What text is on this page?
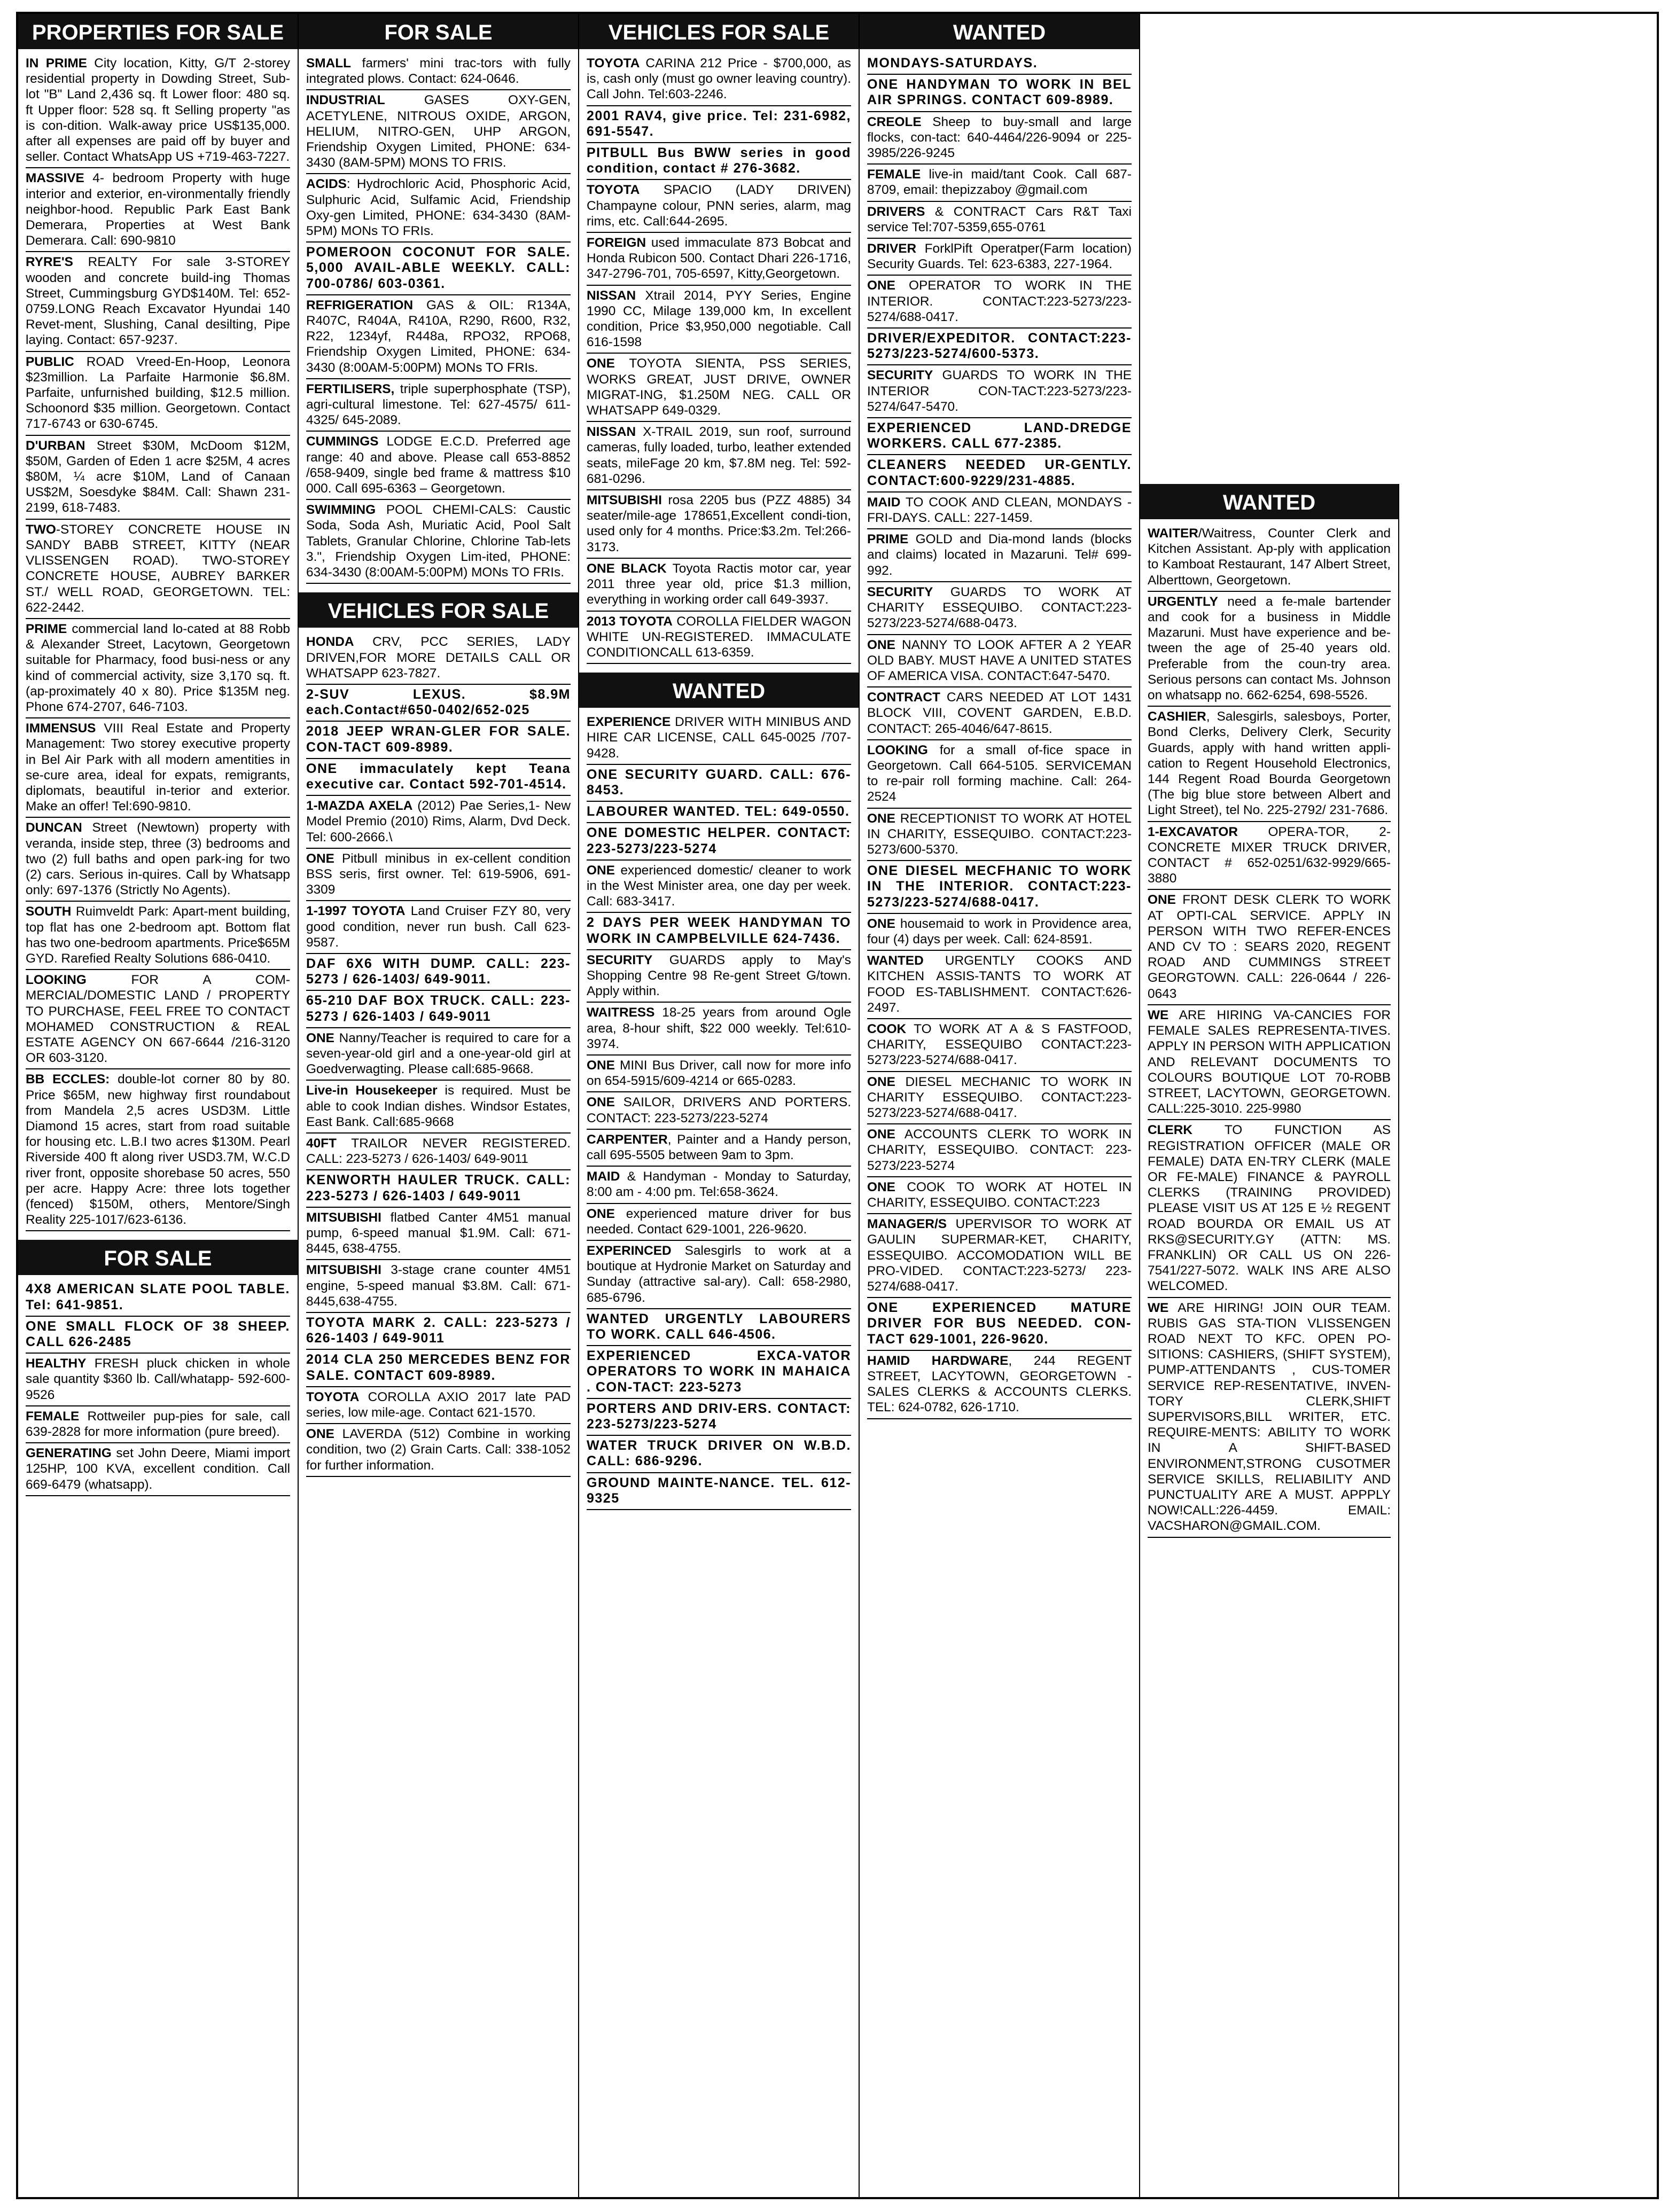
PROPERTIES FOR SALE

IN PRIME City location, Kitty, G/T 2-storey residential property in Dowding Street, Sub-lot "B" Land 2,436 sq. ft Lower floor: 480 sq. ft Upper floor: 528 sq. ft Selling property "as is con-dition. Walk-away price US$135,000. after all expenses are paid off by buyer and seller. Contact WhatsApp US +719-463-7227.

MASSIVE 4- bedroom Property with huge interior and exterior, en-vironmentally friendly neighbor-hood. Republic Park East Bank Demerara, Properties at West Bank Demerara. Call: 690-9810

RYRE'S REALTY For sale 3-STOREY wooden and concrete build-ing Thomas Street, Cummingsburg GYD$140M. Tel: 652-0759.LONG Reach Excavator Hyundai 140 Revet-ment, Slushing, Canal desilting, Pipe laying. Contact: 657-9237.

PUBLIC ROAD Vreed-En-Hoop, Leonora $23million. La Parfaite Harmonie $6.8M. Parfaite, unfurnished building, $12.5 million. Schoonord $35 million. Georgetown. Contact 717-6743 or 630-6745.

D'URBAN Street $30M, McDoom $12M, $50M, Garden of Eden 1 acre $25M, 4 acres $80M, ¼ acre $10M, Land of Canaan US$2M, Soesdyke $84M. Call: Shawn 231-2199, 618-7483.

TWO-STOREY CONCRETE HOUSE IN SANDY BABB STREET, KITTY (NEAR VLISSENGEN ROAD). TWO-STOREY CONCRETE HOUSE, AUBREY BARKER ST./ WELL ROAD, GEORGETOWN. TEL: 622-2442.

PRIME commercial land lo-cated at 88 Robb & Alexander Street, Lacytown, Georgetown suitable for Pharmacy, food busi-ness or any kind of commercial activity, size 3,170 sq. ft. (ap-proximately 40 x 80). Price $135M neg. Phone 674-2707, 646-7103.

IMMENSUS VIII Real Estate and Property Management: Two storey executive property in Bel Air Park with all modern amentities in se-cure area, ideal for expats, remigrants, diplomats, beautiful in-terior and exterior. Make an offer! Tel:690-9810.

DUNCAN Street (Newtown) property with veranda, inside step, three (3) bedrooms and two (2) full baths and open park-ing for two (2) cars. Serious in-quires. Call by Whatsapp only: 697-1376 (Strictly No Agents).

SOUTH Ruimveldt Park: Apart-ment building, top flat has one 2-bedroom apt. Bottom flat has two one-bedroom apartments. Price$65M GYD. Rarefied Realty Solutions 686-0410.

LOOKING FOR A COM-MERCIAL/DOMESTIC LAND / PROPERTY TO PURCHASE, FEEL FREE TO CONTACT MOHAMED CONSTRUCTION & REAL ESTATE AGENCY ON 667-6644 /216-3120 OR 603-3120.

BB ECCLES: double-lot corner 80 by 80. Price $65M, new highway first roundabout from Mandela 2,5 acres USD3M. Little Diamond 15 acres, start from road suitable for housing etc. L.B.I two acres $130M. Pearl Riverside 400 ft along river USD3.7M, W.C.D river front, opposite shorebase 50 acres, 550 per acre. Happy Acre: three lots together (fenced) $150M, others, Mentore/Singh Reality 225-1017/623-6136.

FOR SALE

4X8 AMERICAN SLATE POOL TABLE. Tel: 641-9851.

ONE SMALL FLOCK OF 38 SHEEP. CALL 626-2485

HEALTHY FRESH pluck chicken in whole sale quantity $360 lb. Call/whatapp- 592-600-9526

FEMALE Rottweiler pup-pies for sale, call 639-2828 for more information (pure breed).

GENERATING set John Deere, Miami import 125HP, 100 KVA, excellent condition. Call 669-6479 (whatsapp).

FOR SALE

SMALL farmers' mini trac-tors with fully integrated plows. Contact: 624-0646.

INDUSTRIAL GASES OXY-GEN, ACETYLENE, NITROUS OXIDE, ARGON, HELIUM, NITRO-GEN, UHP ARGON, Friendship Oxygen Limited, PHONE: 634-3430 (8AM-5PM) MONS TO FRIS.

ACIDS: Hydrochloric Acid, Phosphoric Acid, Sulphuric Acid, Sulfamic Acid, Friendship Oxy-gen Limited, PHONE: 634-3430 (8AM-5PM) MONs TO FRIs.

POMEROON COCONUT FOR SALE. 5,000 AVAIL-ABLE WEEKLY. CALL: 700-0786/ 603-0361.

REFRIGERATION GAS & OIL: R134A, R407C, R404A, R410A, R290, R600, R32, R22, 1234yf, R448a, RPO32, RPO68, Friendship Oxygen Limited, PHONE: 634-3430 (8:00AM-5:00PM) MONs TO FRIs.

FERTILISERS, triple superphosphate (TSP), agri-cultural limestone. Tel: 627-4575/ 611-4325/ 645-2089.

CUMMINGS LODGE E.C.D. Preferred age range: 40 and above. Please call 653-8852 /658-9409, single bed frame & mattress $10 000. Call 695-6363 – Georgetown.

SWIMMING POOL CHEMI-CALS: Caustic Soda, Soda Ash, Muriatic Acid, Pool Salt Tablets, Granular Chlorine, Chlorine Tab-lets 3.", Friendship Oxygen Lim-ited, PHONE: 634-3430 (8:00AM-5:00PM) MONs TO FRIs.

VEHICLES FOR SALE

HONDA CRV, PCC SERIES, LADY DRIVEN,FOR MORE DETAILS CALL OR WHATSAPP 623-7827.

2-SUV LEXUS. $8.9M each.Contact#650-0402/652-025

2018 JEEP WRAN-GLER FOR SALE. CON-TACT 609-8989.

ONE immaculately kept Teana executive car. Contact 592-701-4514.

1-MAZDA AXELA (2012) Pae Series,1- New Model Premio (2010) Rims, Alarm, Dvd Deck. Tel: 600-2666.\

ONE Pitbull minibus in ex-cellent condition BSS seris, first owner. Tel: 619-5906, 691-3309

1-1997 TOYOTA Land Cruiser FZY 80, very good condition, never run bush. Call 623-9587.

DAF 6X6 WITH DUMP. CALL: 223-5273 / 626-1403/ 649-9011.

65-210 DAF BOX TRUCK. CALL: 223-5273 / 626-1403 / 649-9011

ONE Nanny/Teacher is required to care for a seven-year-old girl and a one-year-old girl at Goedverwagting. Please call:685-9668.

Live-in Housekeeper is required. Must be able to cook Indian dishes. Windsor Estates, East Bank. Call:685-9668

40FT TRAILOR NEVER REGISTERED. CALL: 223-5273 / 626-1403/ 649-9011

KENWORTH HAULER TRUCK. CALL: 223-5273 / 626-1403 / 649-9011

MITSUBISHI flatbed Canter 4M51 manual pump, 6-speed manual $1.9M. Call: 671-8445, 638-4755.

MITSUBISHI 3-stage crane counter 4M51 engine, 5-speed manual $3.8M. Call: 671-8445,638-4755.

TOYOTA MARK 2. CALL: 223-5273 / 626-1403 / 649-9011

2014 CLA 250 MERCEDES BENZ FOR SALE. CONTACT 609-8989.

TOYOTA COROLLA AXIO 2017 late PAD series, low mile-age. Contact 621-1570.

ONE LAVERDA (512) Combine in working condition, two (2) Grain Carts. Call: 338-1052 for further information.

VEHICLES FOR SALE

TOYOTA CARINA 212 Price - $700,000, as is, cash only (must go owner leaving country). Call John. Tel:603-2246.

2001 RAV4, give price. Tel: 231-6982, 691-5547.

PITBULL Bus BWW series in good condition, contact # 276-3682.

TOYOTA SPACIO (LADY DRIVEN) Champayne colour, PNN series, alarm, mag rims, etc. Call:644-2695.

FOREIGN used immaculate 873 Bobcat and Honda Rubicon 500. Contact Dhari 226-1716, 347-2796-701, 705-6597, Kitty,Georgetown.

NISSAN Xtrail 2014, PYY Series, Engine 1990 CC, Milage 139,000 km, In excellent condition, Price $3,950,000 negotiable. Call 616-1598

ONE TOYOTA SIENTA, PSS SERIES, WORKS GREAT, JUST DRIVE, OWNER MIGRAT-ING, $1.250M NEG. CALL OR WHATSAPP 649-0329.

NISSAN X-TRAIL 2019, sun roof, surround cameras, fully loaded, turbo, leather extended seats, mileFage 20 km, $7.8M neg. Tel: 592-681-0296.

MITSUBISHI rosa 2205 bus (PZZ 4885) 34 seater/mile-age 178651,Excellent condi-tion, used only for 4 months. Price:$3.2m. Tel:266-3173.

ONE BLACK Toyota Ractis motor car, year 2011 three year old, price $1.3 million, everything in working order call 649-3937.

2013 TOYOTA COROLLA FIELDER WAGON WHITE UN-REGISTERED. IMMACULATE CONDITIONCALL 613-6359.

WANTED

EXPERIENCE DRIVER WITH MINIBUS AND HIRE CAR LICENSE, CALL 645-0025 /707-9428.

ONE SECURITY GUARD. CALL: 676-8453.

LABOURER WANTED. TEL: 649-0550.

ONE DOMESTIC HELPER. CONTACT: 223-5273/223-5274

ONE experienced domestic/ cleaner to work in the West Minister area, one day per week. Call: 683-3417.

2 DAYS PER WEEK HANDYMAN TO WORK IN CAMPBELVILLE 624-7436.

SECURITY GUARDS apply to May's Shopping Centre 98 Re-gent Street G/town. Apply within.

WAITRESS 18-25 years from around Ogle area, 8-hour shift, $22 000 weekly. Tel:610-3974.

ONE MINI Bus Driver, call now for more info on 654-5915/609-4214 or 665-0283.

ONE SAILOR, DRIVERS AND PORTERS. CONTACT: 223-5273/223-5274

CARPENTER, Painter and a Handy person, call 695-5505 between 9am to 3pm.

MAID & Handyman - Monday to Saturday, 8:00 am - 4:00 pm. Tel:658-3624.

ONE experienced mature driver for bus needed. Contact 629-1001, 226-9620.

EXPERINCED Salesgirls to work at a boutique at Hydronie Market on Saturday and Sunday (attractive sal-ary). Call: 658-2980, 685-6796.

WANTED URGENTLY LABOURERS TO WORK. CALL 646-4506.

EXPERIENCED EXCA-VATOR OPERATORS TO WORK IN MAHAICA . CON-TACT: 223-5273

PORTERS AND DRIV-ERS. CONTACT: 223-5273/223-5274

WATER TRUCK DRIVER ON W.B.D. CALL: 686-9296.

GROUND MAINTE-NANCE. TEL. 612-9325

WANTED

MONDAYS-SATURDAYS.

ONE HANDYMAN TO WORK IN BEL AIR SPRINGS. CONTACT 609-8989.

CREOLE Sheep to buy-small and large flocks, con-tact: 640-4464/226-9094 or 225-3985/226-9245

FEMALE live-in maid/tant Cook. Call 687-8709, email: thepizzaboy @gmail.com

DRIVERS & CONTRACT Cars R&T Taxi service Tel:707-5359,655-0761

DRIVER ForklPift Operatper(Farm location) Security Guards. Tel: 623-6383, 227-1964.

ONE OPERATOR TO WORK IN THE INTERIOR. CONTACT:223-5273/223-5274/688-0417.

DRIVER/EXPEDITOR. CONTACT:223-5273/223-5274/600-5373.

SECURITY GUARDS TO WORK IN THE INTERIOR CON-TACT:223-5273/223-5274/647-5470.

EXPERIENCED LAND-DREDGE WORKERS. CALL 677-2385.

CLEANERS NEEDED UR-GENTLY. CONTACT:600-9229/231-4885.

MAID TO COOK AND CLEAN, MONDAYS - FRI-DAYS. CALL: 227-1459.

PRIME GOLD and Dia-mond lands (blocks and claims) located in Mazaruni. Tel# 699-992.

SECURITY GUARDS TO WORK AT CHARITY ESSEQUIBO. CONTACT:223-5273/223-5274/688-0473.

ONE NANNY TO LOOK AFTER A 2 YEAR OLD BABY. MUST HAVE A UNITED STATES OF AMERICA VISA. CONTACT:647-5470.

CONTRACT CARS NEEDED AT LOT 1431 BLOCK VIII, COVENT GARDEN, E.B.D. CONTACT: 265-4046/647-8615.

LOOKING for a small of-fice space in Georgetown. Call 664-5105. SERVICEMAN to re-pair roll forming machine. Call: 264-2524

ONE RECEPTIONIST TO WORK AT HOTEL IN CHARITY, ESSEQUIBO. CONTACT:223-5273/600-5370.

ONE DIESEL MECFHANIC TO WORK IN THE INTERIOR. CONTACT:223-5273/223-5274/688-0417.

ONE housemaid to work in Providence area, four (4) days per week. Call: 624-8591.

WANTED URGENTLY COOKS AND KITCHEN ASSIS-TANTS TO WORK AT FOOD ES-TABLISHMENT. CONTACT:626-2497.

COOK TO WORK AT A & S FASTFOOD, CHARITY, ESSEQUIBO CONTACT:223-5273/223-5274/688-0417.

ONE DIESEL MECHANIC TO WORK IN CHARITY ESSEQUIBO. CONTACT:223-5273/223-5274/688-0417.

ONE ACCOUNTS CLERK TO WORK IN CHARITY, ESSEQUIBO. CONTACT: 223-5273/223-5274

ONE COOK TO WORK AT HOTEL IN CHARITY, ESSEQUIBO. CONTACT:223

MANAGER/S UPERVISOR TO WORK AT GAULIN SUPERMAR-KET, CHARITY, ESSEQUIBO. ACCOMODATION WILL BE PRO-VIDED. CONTACT:223-5273/ 223-5274/688-0417.

ONE EXPERIENCED MATURE DRIVER FOR BUS NEEDED. CON-TACT 629-1001, 226-9620.

HAMID HARDWARE, 244 REGENT STREET, LACYTOWN, GEORGETOWN - SALES CLERKS & ACCOUNTS CLERKS. TEL: 624-0782, 626-1710.

WANTED

WAITER/Waitress, Counter Clerk and Kitchen Assistant. Ap-ply with application to Kamboat Restaurant, 147 Albert Street, Alberttown, Georgetown.

URGENTLY need a fe-male bartender and cook for a business in Middle Mazaruni. Must have experience and be-tween the age of 25-40 years old. Preferable from the coun-try area. Serious persons can contact Ms. Johnson on whatsapp no. 662-6254, 698-5526.

CASHIER, Salesgirls, salesboys, Porter, Bond Clerks, Delivery Clerk, Security Guards, apply with hand written appli-cation to Regent Household Electronics, 144 Regent Road Bourda Georgetown (The big blue store between Albert and Light Street), tel No. 225-2792/ 231-7686.

1-EXCAVATOR OPERA-TOR, 2- CONCRETE MIXER TRUCK DRIVER, CONTACT # 652-0251/632-9929/665-3880

ONE FRONT DESK CLERK TO WORK AT OPTI-CAL SERVICE. APPLY IN PERSON WITH TWO REFER-ENCES AND CV TO : SEARS 2020, REGENT ROAD AND CUMMINGS STREET GEORGTOWN. CALL: 226-0644 / 226-0643

WE ARE HIRING VA-CANCIES FOR FEMALE SALES REPRESENTA-TIVES. APPLY IN PERSON WITH APPLICATION AND RELEVANT DOCUMENTS TO COLOURS BOUTIQUE LOT 70-ROBB STREET, LACYTOWN, GEORGETOWN. CALL:225-3010. 225-9980

CLERK TO FUNCTION AS REGISTRATION OFFICER (MALE OR FEMALE) DATA EN-TRY CLERK (MALE OR FE-MALE) FINANCE & PAYROLL CLERKS (TRAINING PROVIDED) PLEASE VISIT US AT 125 E ½ REGENT ROAD BOURDA OR EMAIL US AT RKS@SECURITY.GY (ATTN: MS. FRANKLIN) OR CALL US ON 226-7541/227-5072. WALK INS ARE ALSO WELCOMED.

WE ARE HIRING! JOIN OUR TEAM. RUBIS GAS STA-TION VLISSENGEN ROAD NEXT TO KFC. OPEN PO-SITIONS: CASHIERS, (SHIFT SYSTEM), PUMP-ATTENDANTS , CUS-TOMER SERVICE REP-RESENTATIVE, INVEN-TORY CLERK,SHIFT SUPERVISORS,BILL WRITER, ETC. REQUIRE-MENTS: ABILITY TO WORK IN A SHIFT-BASED ENVIRONMENT,STRONG CUSOTMER SERVICE SKILLS, RELIABILITY AND PUNCTUALITY ARE A MUST. APPPLY NOW!CALL:226-4459. EMAIL: VACSHARON@GMAIL.COM.
